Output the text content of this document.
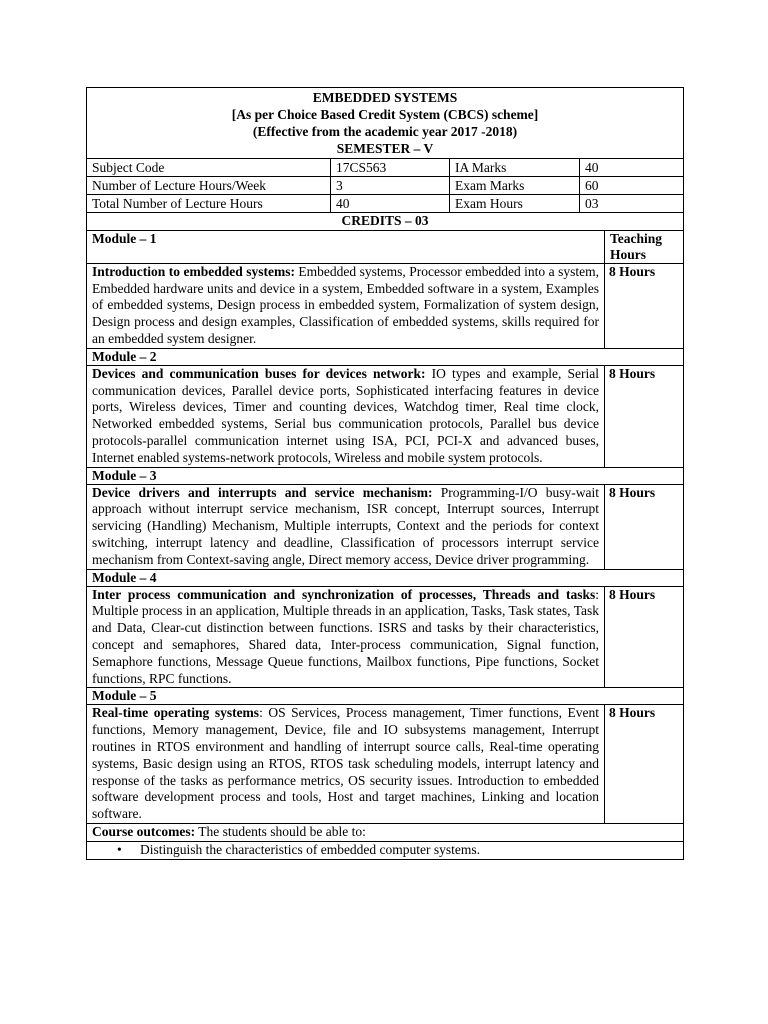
EMBEDDED SYSTEMS
[As per Choice Based Credit System (CBCS) scheme]
(Effective from the academic year 2017 -2018)
SEMESTER – V				

Subject Code	17CS563	IA Marks	40	
Number of Lecture Hours/Week	3	Exam Marks	60	
Total Number of Lecture Hours	40	Exam Hours	03	
CREDITS – 03				
Module – 1				Teaching Hours
Introduction to embedded systems: Embedded systems, Processor embedded into a system, Embedded hardware units and device in a system, Embedded software in a system, Examples of embedded systems, Design process in embedded system, Formalization of system design, Design process and design examples, Classification of embedded systems, skills required for an embedded system designer.				8 Hours
Module – 2				
Devices and communication buses for devices network: IO types and example, Serial communication devices, Parallel device ports, Sophisticated interfacing features in device ports, Wireless devices, Timer and counting devices, Watchdog timer, Real time clock, Networked embedded systems, Serial bus communication protocols, Parallel bus device protocols-parallel communication internet using ISA, PCI, PCI-X and advanced buses, Internet enabled systems-network protocols, Wireless and mobile system protocols.				8 Hours
Module – 3				
Device drivers and interrupts and service mechanism: Programming-I/O busy-wait approach without interrupt service mechanism, ISR concept, Interrupt sources, Interrupt servicing (Handling) Mechanism, Multiple interrupts, Context and the periods for context switching, interrupt latency and deadline, Classification of processors interrupt service mechanism from Context-saving angle, Direct memory access, Device driver programming.				8 Hours
Module – 4				
Inter process communication and synchronization of processes, Threads and tasks: Multiple process in an application, Multiple threads in an application, Tasks, Task states, Task and Data, Clear-cut distinction between functions. ISRS and tasks by their characteristics, concept and semaphores, Shared data, Inter-process communication, Signal function, Semaphore functions, Message Queue functions, Mailbox functions, Pipe functions, Socket functions, RPC functions.				8 Hours
Module – 5				
Real-time operating systems: OS Services, Process management, Timer functions, Event functions, Memory management, Device, file and IO subsystems management, Interrupt routines in RTOS environment and handling of interrupt source calls, Real-time operating systems, Basic design using an RTOS, RTOS task scheduling models, interrupt latency and response of the tasks as performance metrics, OS security issues. Introduction to embedded software development process and tools, Host and target machines, Linking and location software.				8 Hours
Course outcomes: The students should be able to:				
• Distinguish the characteristics of embedded computer systems.				
